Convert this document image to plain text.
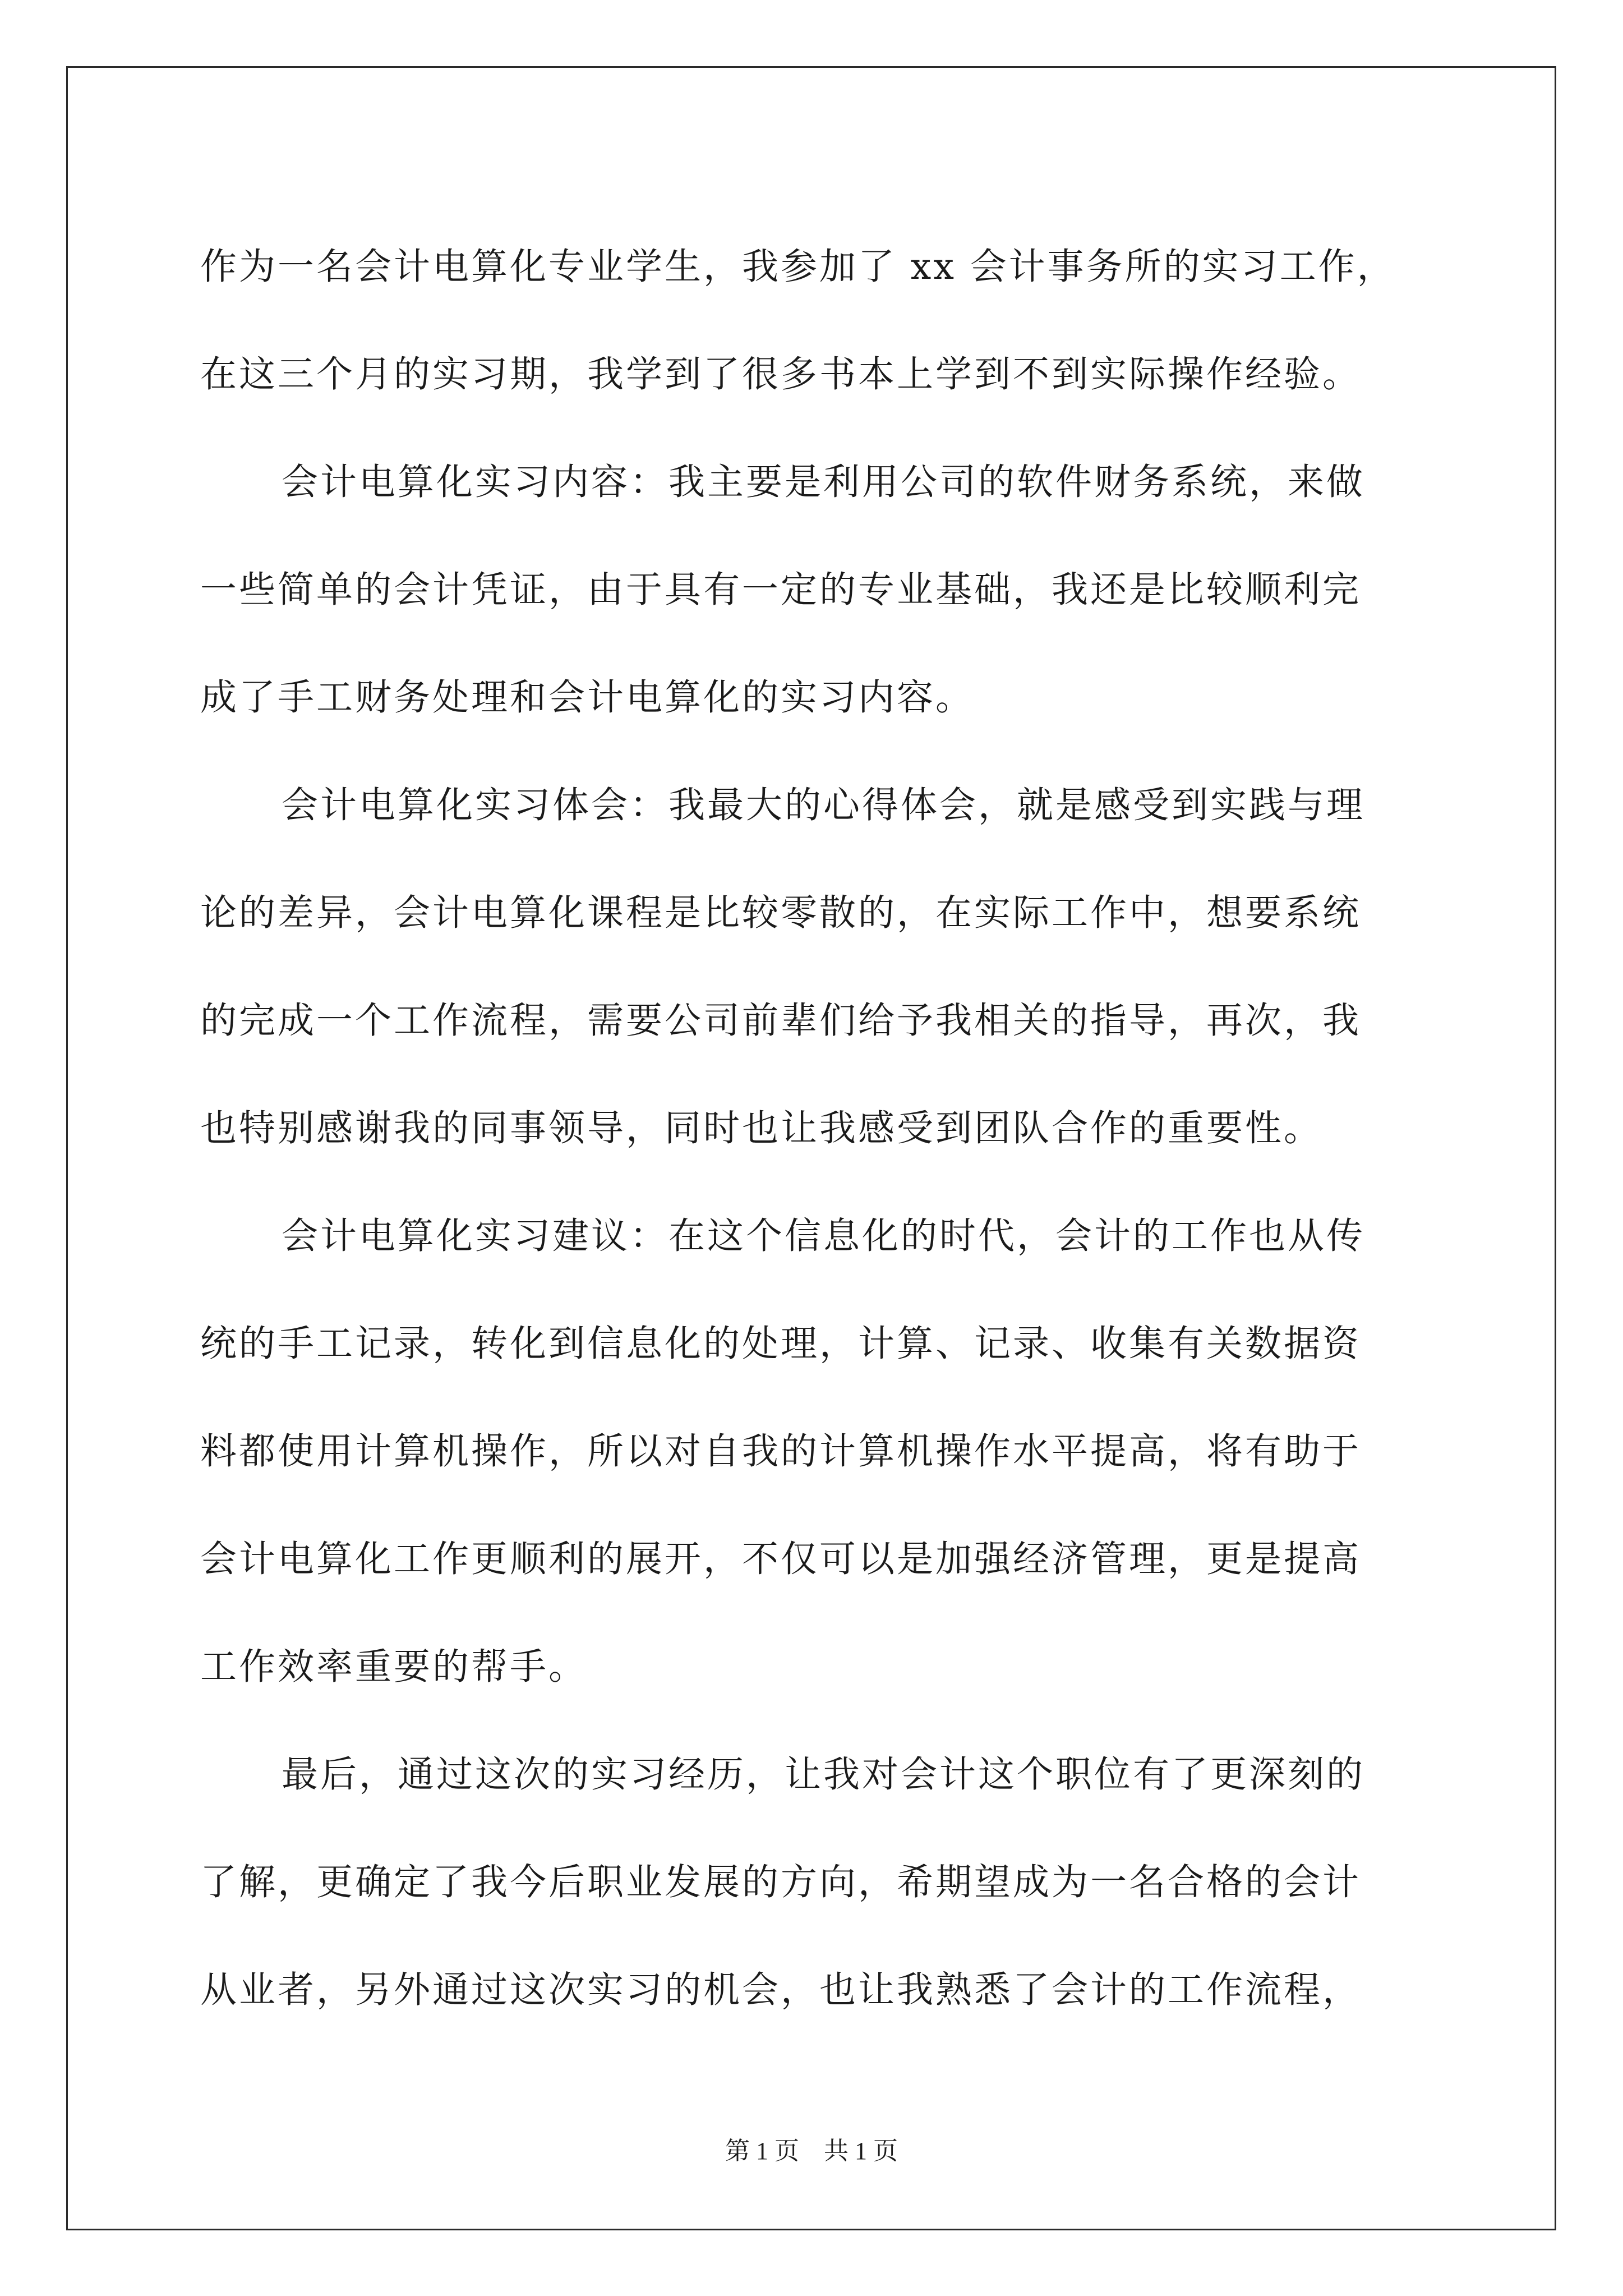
作为一名会计电算化专业学生，我参加了 xx 会计事务所的实习工作，
在这三个月的实习期，我学到了很多书本上学到不到实际操作经验。
会计电算化实习内容：我主要是利用公司的软件财务系统，来做
一些简单的会计凭证，由于具有一定的专业基础，我还是比较顺利完
成了手工财务处理和会计电算化的实习内容。
会计电算化实习体会：我最大的心得体会，就是感受到实践与理
论的差异，会计电算化课程是比较零散的，在实际工作中，想要系统
的完成一个工作流程，需要公司前辈们给予我相关的指导，再次，我
也特别感谢我的同事领导，同时也让我感受到团队合作的重要性。
会计电算化实习建议：在这个信息化的时代，会计的工作也从传
统的手工记录，转化到信息化的处理，计算、记录、收集有关数据资
料都使用计算机操作，所以对自我的计算机操作水平提高，将有助于
会计电算化工作更顺利的展开，不仅可以是加强经济管理，更是提高
工作效率重要的帮手。
最后，通过这次的实习经历，让我对会计这个职位有了更深刻的
了解，更确定了我今后职业发展的方向，希期望成为一名合格的会计
从业者，另外通过这次实习的机会，也让我熟悉了会计的工作流程，
第 1 页 共 1 页
